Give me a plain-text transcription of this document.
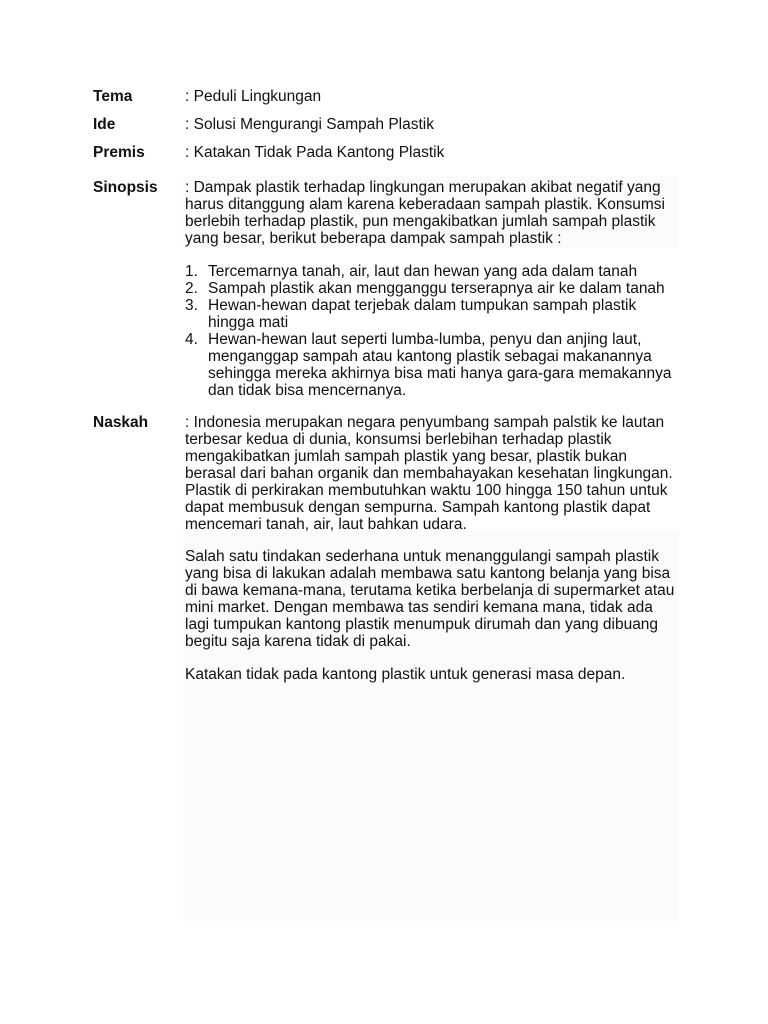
Tema	: Peduli Lingkungan
Ide	: Solusi Mengurangi Sampah Plastik
Premis	: Katakan Tidak Pada Kantong Plastik
Sinopsis : Dampak plastik terhadap lingkungan merupakan akibat negatif yang
harus ditanggung alam karena keberadaan sampah plastik. Konsumsi
berlebih terhadap plastik, pun mengakibatkan jumlah sampah plastik
yang besar, berikut beberapa dampak sampah plastik :
1. Tercemarnya tanah, air, laut dan hewan yang ada dalam tanah
2. Sampah plastik akan mengganggu terserapnya air ke dalam tanah
3. Hewan-hewan dapat terjebak dalam tumpukan sampah plastik
hingga mati
4. Hewan-hewan laut seperti lumba-lumba, penyu dan anjing laut,
menganggap sampah atau kantong plastik sebagai makanannya
sehingga mereka akhirnya bisa mati hanya gara-gara memakannya
dan tidak bisa mencernanya.
Naskah : Indonesia merupakan negara penyumbang sampah palstik ke lautan
terbesar kedua di dunia, konsumsi berlebihan terhadap plastik
mengakibatkan jumlah sampah plastik yang besar, plastik bukan
berasal dari bahan organik dan membahayakan kesehatan lingkungan.
Plastik di perkirakan membutuhkan waktu 100 hingga 150 tahun untuk
dapat membusuk dengan sempurna. Sampah kantong plastik dapat
mencemari tanah, air, laut bahkan udara.
Salah satu tindakan sederhana untuk menanggulangi sampah plastik
yang bisa di lakukan adalah membawa satu kantong belanja yang bisa
di bawa kemana-mana, terutama ketika berbelanja di supermarket atau
mini market. Dengan membawa tas sendiri kemana mana, tidak ada
lagi tumpukan kantong plastik menumpuk dirumah dan yang dibuang
begitu saja karena tidak di pakai.
Katakan tidak pada kantong plastik untuk generasi masa depan.
